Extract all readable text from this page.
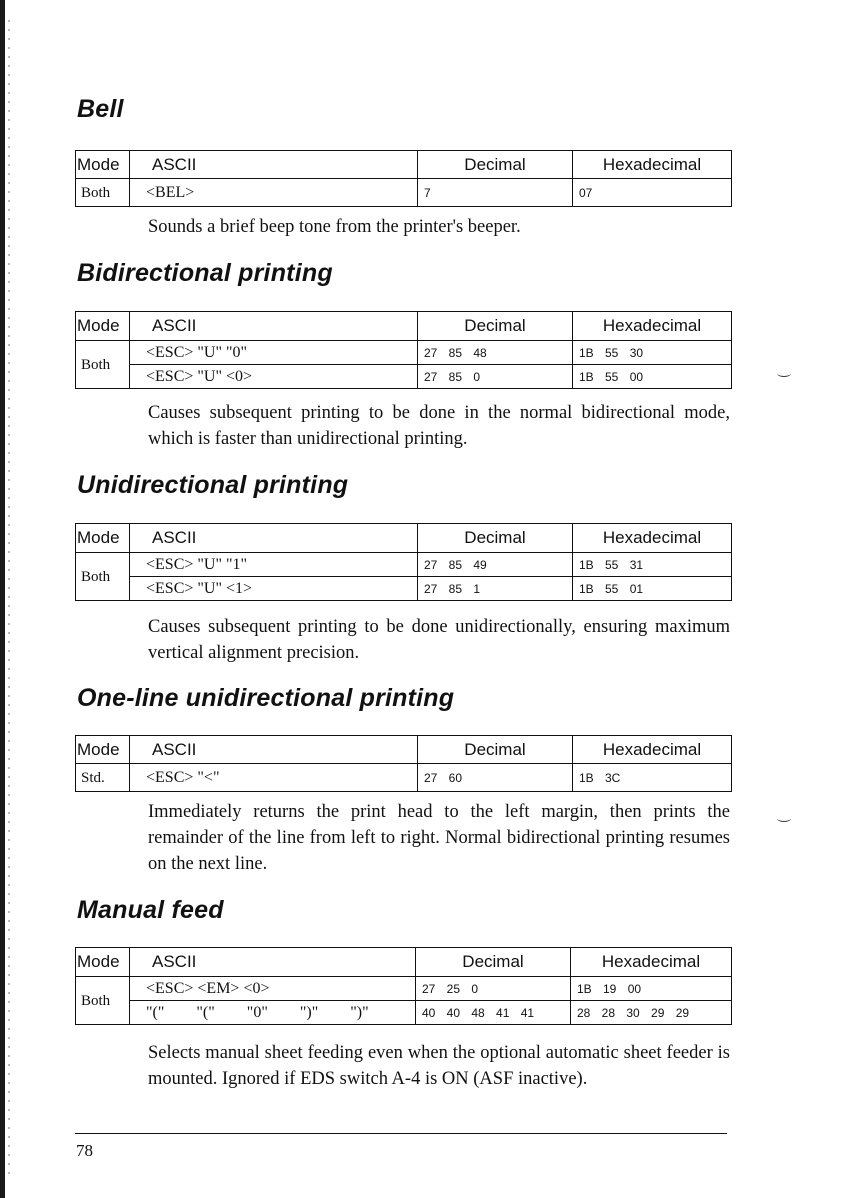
Bell
Mode	ASCII	Decimal	Hexadecimal
Both	<BEL>	7	07

Sounds a brief beep tone from the printer's beeper.

Bidirectional printing
Mode	ASCII	Decimal	Hexadecimal
Both	<ESC> "U" "0"	27 85 48	1B 55 30
	<ESC> "U" <0>	27 85 0	1B 55 00

Causes subsequent printing to be done in the normal bidirectional mode, which is faster than unidirectional printing.

Unidirectional printing
Mode	ASCII	Decimal	Hexadecimal
Both	<ESC> "U" "1"	27 85 49	1B 55 31
	<ESC> "U" <1>	27 85 1	1B 55 01

Causes subsequent printing to be done unidirectionally, ensuring maximum vertical alignment precision.

One-line unidirectional printing
Mode	ASCII	Decimal	Hexadecimal
Std.	<ESC> "<"	27 60	1B 3C

Immediately returns the print head to the left margin, then prints the remainder of the line from left to right. Normal bidirectional printing resumes on the next line.

Manual feed
Mode	ASCII	Decimal	Hexadecimal
Both	<ESC> <EM> <0>	27 25 0	1B 19 00
	"(" "(" "0" ")" ")"	40 40 48 41 41	28 28 30 29 29

Selects manual sheet feeding even when the optional automatic sheet feeder is mounted. Ignored if EDS switch A-4 is ON (ASF inactive).

78
